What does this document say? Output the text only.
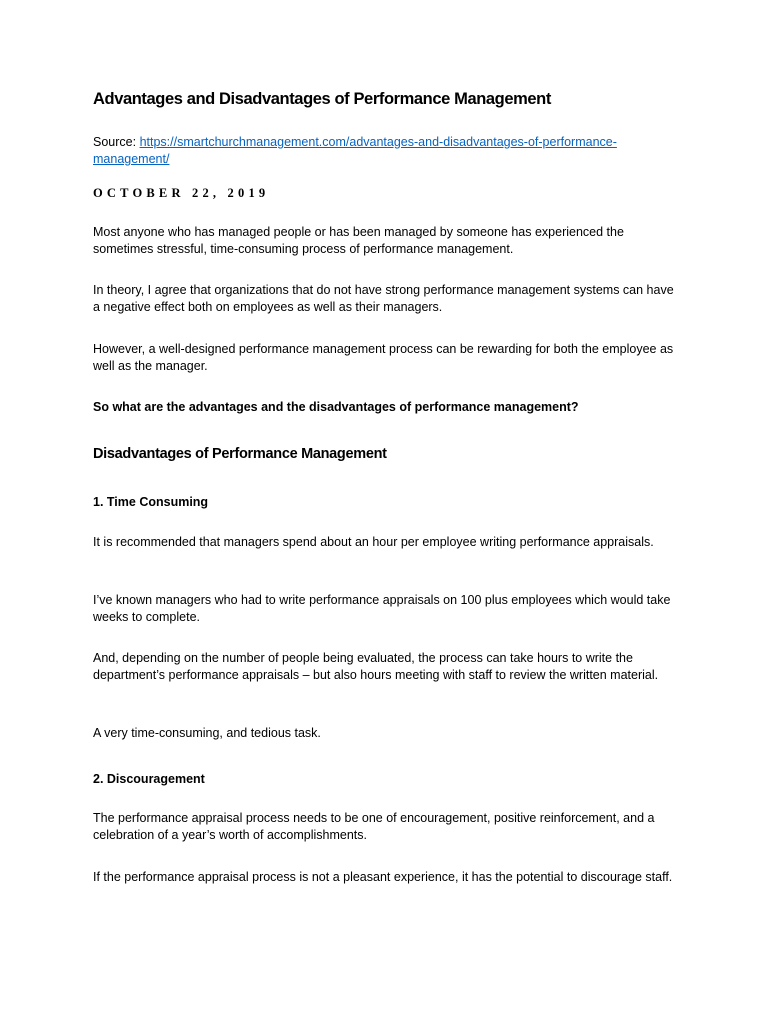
Advantages and Disadvantages of Performance Management

Source: https://smartchurchmanagement.com/advantages-and-disadvantages-of-performance-management/

OCTOBER 22, 2019

Most anyone who has managed people or has been managed by someone has experienced the sometimes stressful, time-consuming process of performance management.

In theory, I agree that organizations that do not have strong performance management systems can have a negative effect both on employees as well as their managers.

However, a well-designed performance management process can be rewarding for both the employee as well as the manager.

So what are the advantages and the disadvantages of performance management?

Disadvantages of Performance Management
1. Time Consuming

It is recommended that managers spend about an hour per employee writing performance appraisals.

I’ve known managers who had to write performance appraisals on 100 plus employees which would take weeks to complete.

And, depending on the number of people being evaluated, the process can take hours to write the department’s performance appraisals – but also hours meeting with staff to review the written material.

A very time-consuming, and tedious task.

2. Discouragement

The performance appraisal process needs to be one of encouragement, positive reinforcement, and a celebration of a year’s worth of accomplishments.

If the performance appraisal process is not a pleasant experience, it has the potential to discourage staff.
